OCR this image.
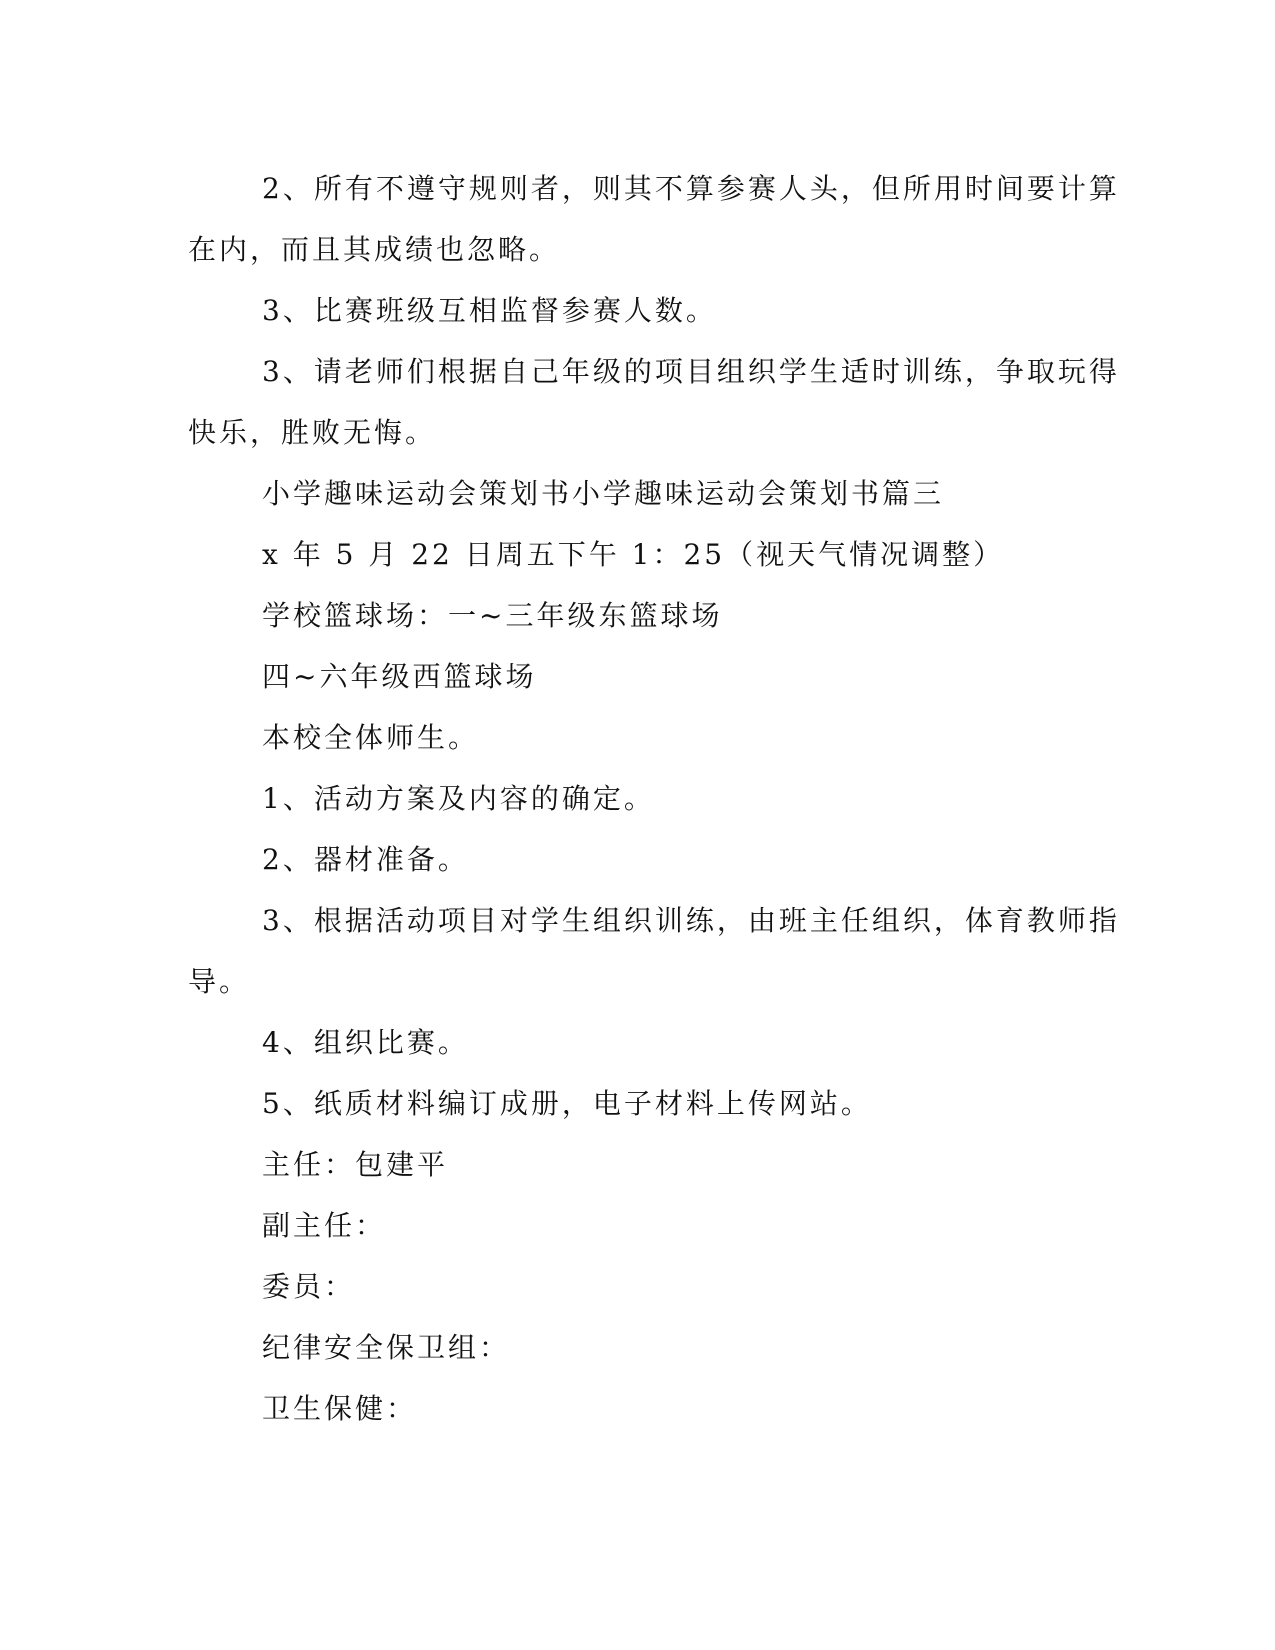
2、所有不遵守规则者，则其不算参赛人头，但所用时间要计算

在内，而且其成绩也忽略。

3、比赛班级互相监督参赛人数。

3、请老师们根据自己年级的项目组织学生适时训练，争取玩得

快乐，胜败无悔。

小学趣味运动会策划书小学趣味运动会策划书篇三

x 年 5 月 22 日周五下午 1：25（视天气情况调整）

学校篮球场：一~三年级东篮球场

四~六年级西篮球场

本校全体师生。

1、活动方案及内容的确定。

2、器材准备。

3、根据活动项目对学生组织训练，由班主任组织，体育教师指

导。

4、组织比赛。

5、纸质材料编订成册，电子材料上传网站。

主任：包建平

副主任：

委员：

纪律安全保卫组：

卫生保健：
